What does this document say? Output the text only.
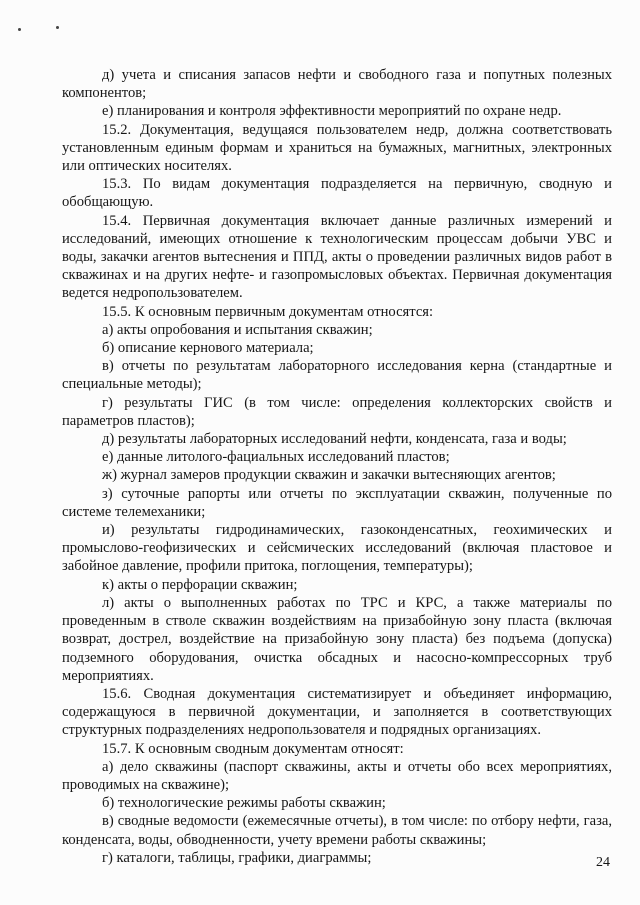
д) учета и списания запасов нефти и свободного газа и попутных полезных компонентов;

е) планирования и контроля эффективности мероприятий по охране недр.

15.2. Документация, ведущаяся пользователем недр, должна соответствовать установленным единым формам и храниться на бумажных, магнитных, электронных или оптических носителях.

15.3. По видам документация подразделяется на первичную, сводную и обобщающую.

15.4. Первичная документация включает данные различных измерений и исследований, имеющих отношение к технологическим процессам добычи УВС и воды, закачки агентов вытеснения и ППД, акты о проведении различных видов работ в скважинах и на других нефте- и газопромысловых объектах. Первичная документация ведется недропользователем.

15.5. К основным первичным документам относятся:

а) акты опробования и испытания скважин;

б) описание кернового материала;

в) отчеты по результатам лабораторного исследования керна (стандартные и специальные методы);

г) результаты ГИС (в том числе: определения коллекторских свойств и параметров пластов);

д) результаты лабораторных исследований нефти, конденсата, газа и воды;

е) данные литолого-фациальных исследований пластов;

ж) журнал замеров продукции скважин и закачки вытесняющих агентов;

з) суточные рапорты или отчеты по эксплуатации скважин, полученные по системе телемеханики;

и) результаты гидродинамических, газоконденсатных, геохимических и промыслово-геофизических и сейсмических исследований (включая пластовое и забойное давление, профили притока, поглощения, температуры);

к) акты о перфорации скважин;

л) акты о выполненных работах по ТРС и КРС, а также материалы по проведенным в стволе скважин воздействиям на призабойную зону пласта (включая возврат, дострел, воздействие на призабойную зону пласта) без подъема (допуска) подземного оборудования, очистка обсадных и насосно-компрессорных труб мероприятиях.

15.6. Сводная документация систематизирует и объединяет информацию, содержащуюся в первичной документации, и заполняется в соответствующих структурных подразделениях недропользователя и подрядных организациях.

15.7. К основным сводным документам относят:

а) дело скважины (паспорт скважины, акты и отчеты обо всех мероприятиях, проводимых на скважине);

б) технологические режимы работы скважин;

в) сводные ведомости (ежемесячные отчеты), в том числе: по отбору нефти, газа, конденсата, воды, обводненности, учету времени работы скважины;

г) каталоги, таблицы, графики, диаграммы;	24
